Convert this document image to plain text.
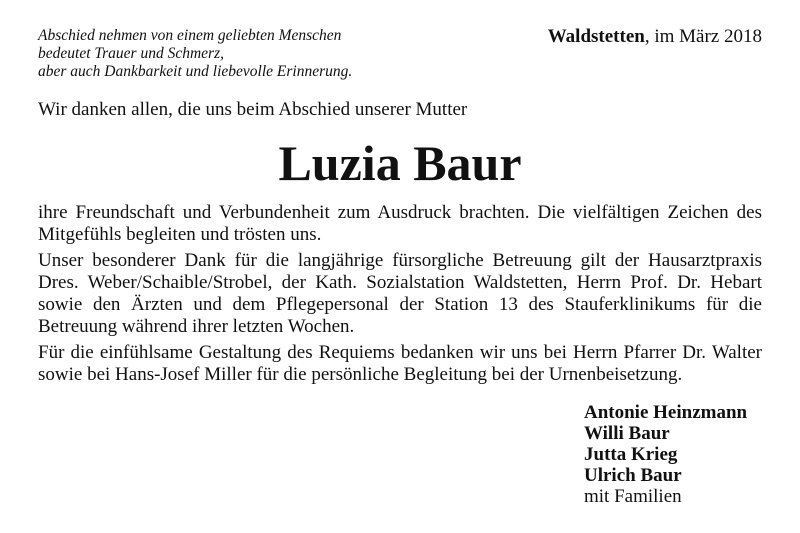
Abschied nehmen von einem geliebten Menschen
bedeutet Trauer und Schmerz,
aber auch Dankbarkeit und liebevolle Erinnerung.
Waldstetten, im März 2018
Wir danken allen, die uns beim Abschied unserer Mutter
Luzia Baur

ihre Freundschaft und Verbundenheit zum Ausdruck brachten. Die vielfältigen Zeichen des Mitgefühls begleiten und trösten uns.

Unser besonderer Dank für die langjährige fürsorgliche Betreuung gilt der Hausarztpraxis Dres. Weber/Schaible/Strobel, der Kath. Sozialstation Waldstetten, Herrn Prof. Dr. Hebart sowie den Ärzten und dem Pflegepersonal der Station 13 des Stauferklinikums für die Betreuung während ihrer letzten Wochen.

Für die einfühlsame Gestaltung des Requiems bedanken wir uns bei Herrn Pfarrer Dr. Walter sowie bei Hans-Josef Miller für die persönliche Begleitung bei der Urnenbeisetzung.

Antonie Heinzmann
Willi Baur
Jutta Krieg
Ulrich Baur
mit Familien
